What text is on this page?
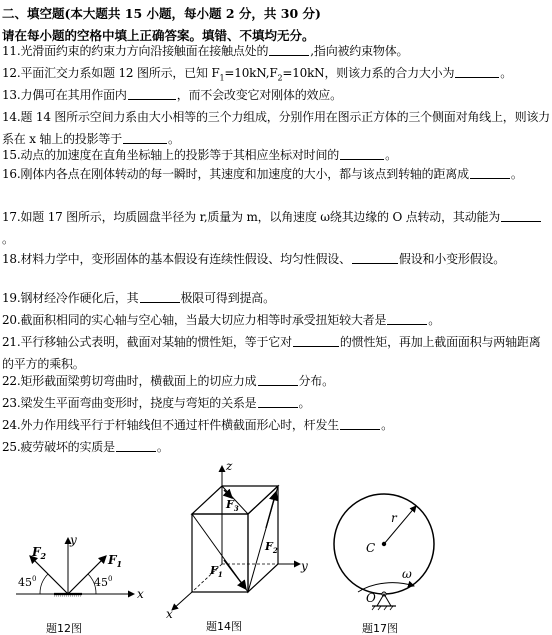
二、填空题(本大题共 15 小题，每小题 2 分，共 30 分)
请在每小题的空格中填上正确答案。填错、不填均无分。
11.光滑面约束的约束力方向沿接触面在接触点处的	,指向被约束物体。
12.平面汇交力系如题 12 图所示，已知 $F_1=10kN,F_2=10kN$，则该力系的合力大小为	。
13.力偶可在其用作面内	，而不会改变它对刚体的效应。
14.题 14 图所示空间力系由大小相等的三个力组成，分别作用在图示正方体的三个侧面对角线上，则该力系在 x 轴上的投影等于	。
15.动点的加速度在直角坐标轴上的投影等于其相应坐标对时间的	。
16.刚体内各点在刚体转动的每一瞬时，其速度和加速度的大小，都与该点到转轴的距离成	。
17.如题 17 图所示，均质圆盘半径为 r,质量为 m，以角速度 ω绕其边缘的 O 点转动，其动能为。
18.材料力学中，变形固体的基本假设有连续性假设、均匀性假设、	假设和小变形假设。
19.钢材经冷作硬化后，其	极限可得到提高。
20.截面积相同的实心轴与空心轴，当最大切应力相等时承受扭矩较大者是	。
21.平行移轴公式表明，截面对某轴的惯性矩，等于它对	的惯性矩，再加上截面面积与两轴距离的平方的乘积。
22.矩形截面梁剪切弯曲时，横截面上的切应力成	分布。
23.梁发生平面弯曲变形时，挠度与弯矩的关系是	。
24.外力作用线平行于杆轴线但不通过杆件横截面形心时，杆发生	。
25.疲劳破坏的实质是	。
y
x
$F_2$	$F_1$
$45^0$	$45^0$
题12图
z
y
x
$F_3$
$F_1$
$F_2$
题14图
r
C
ω
O
题17图
